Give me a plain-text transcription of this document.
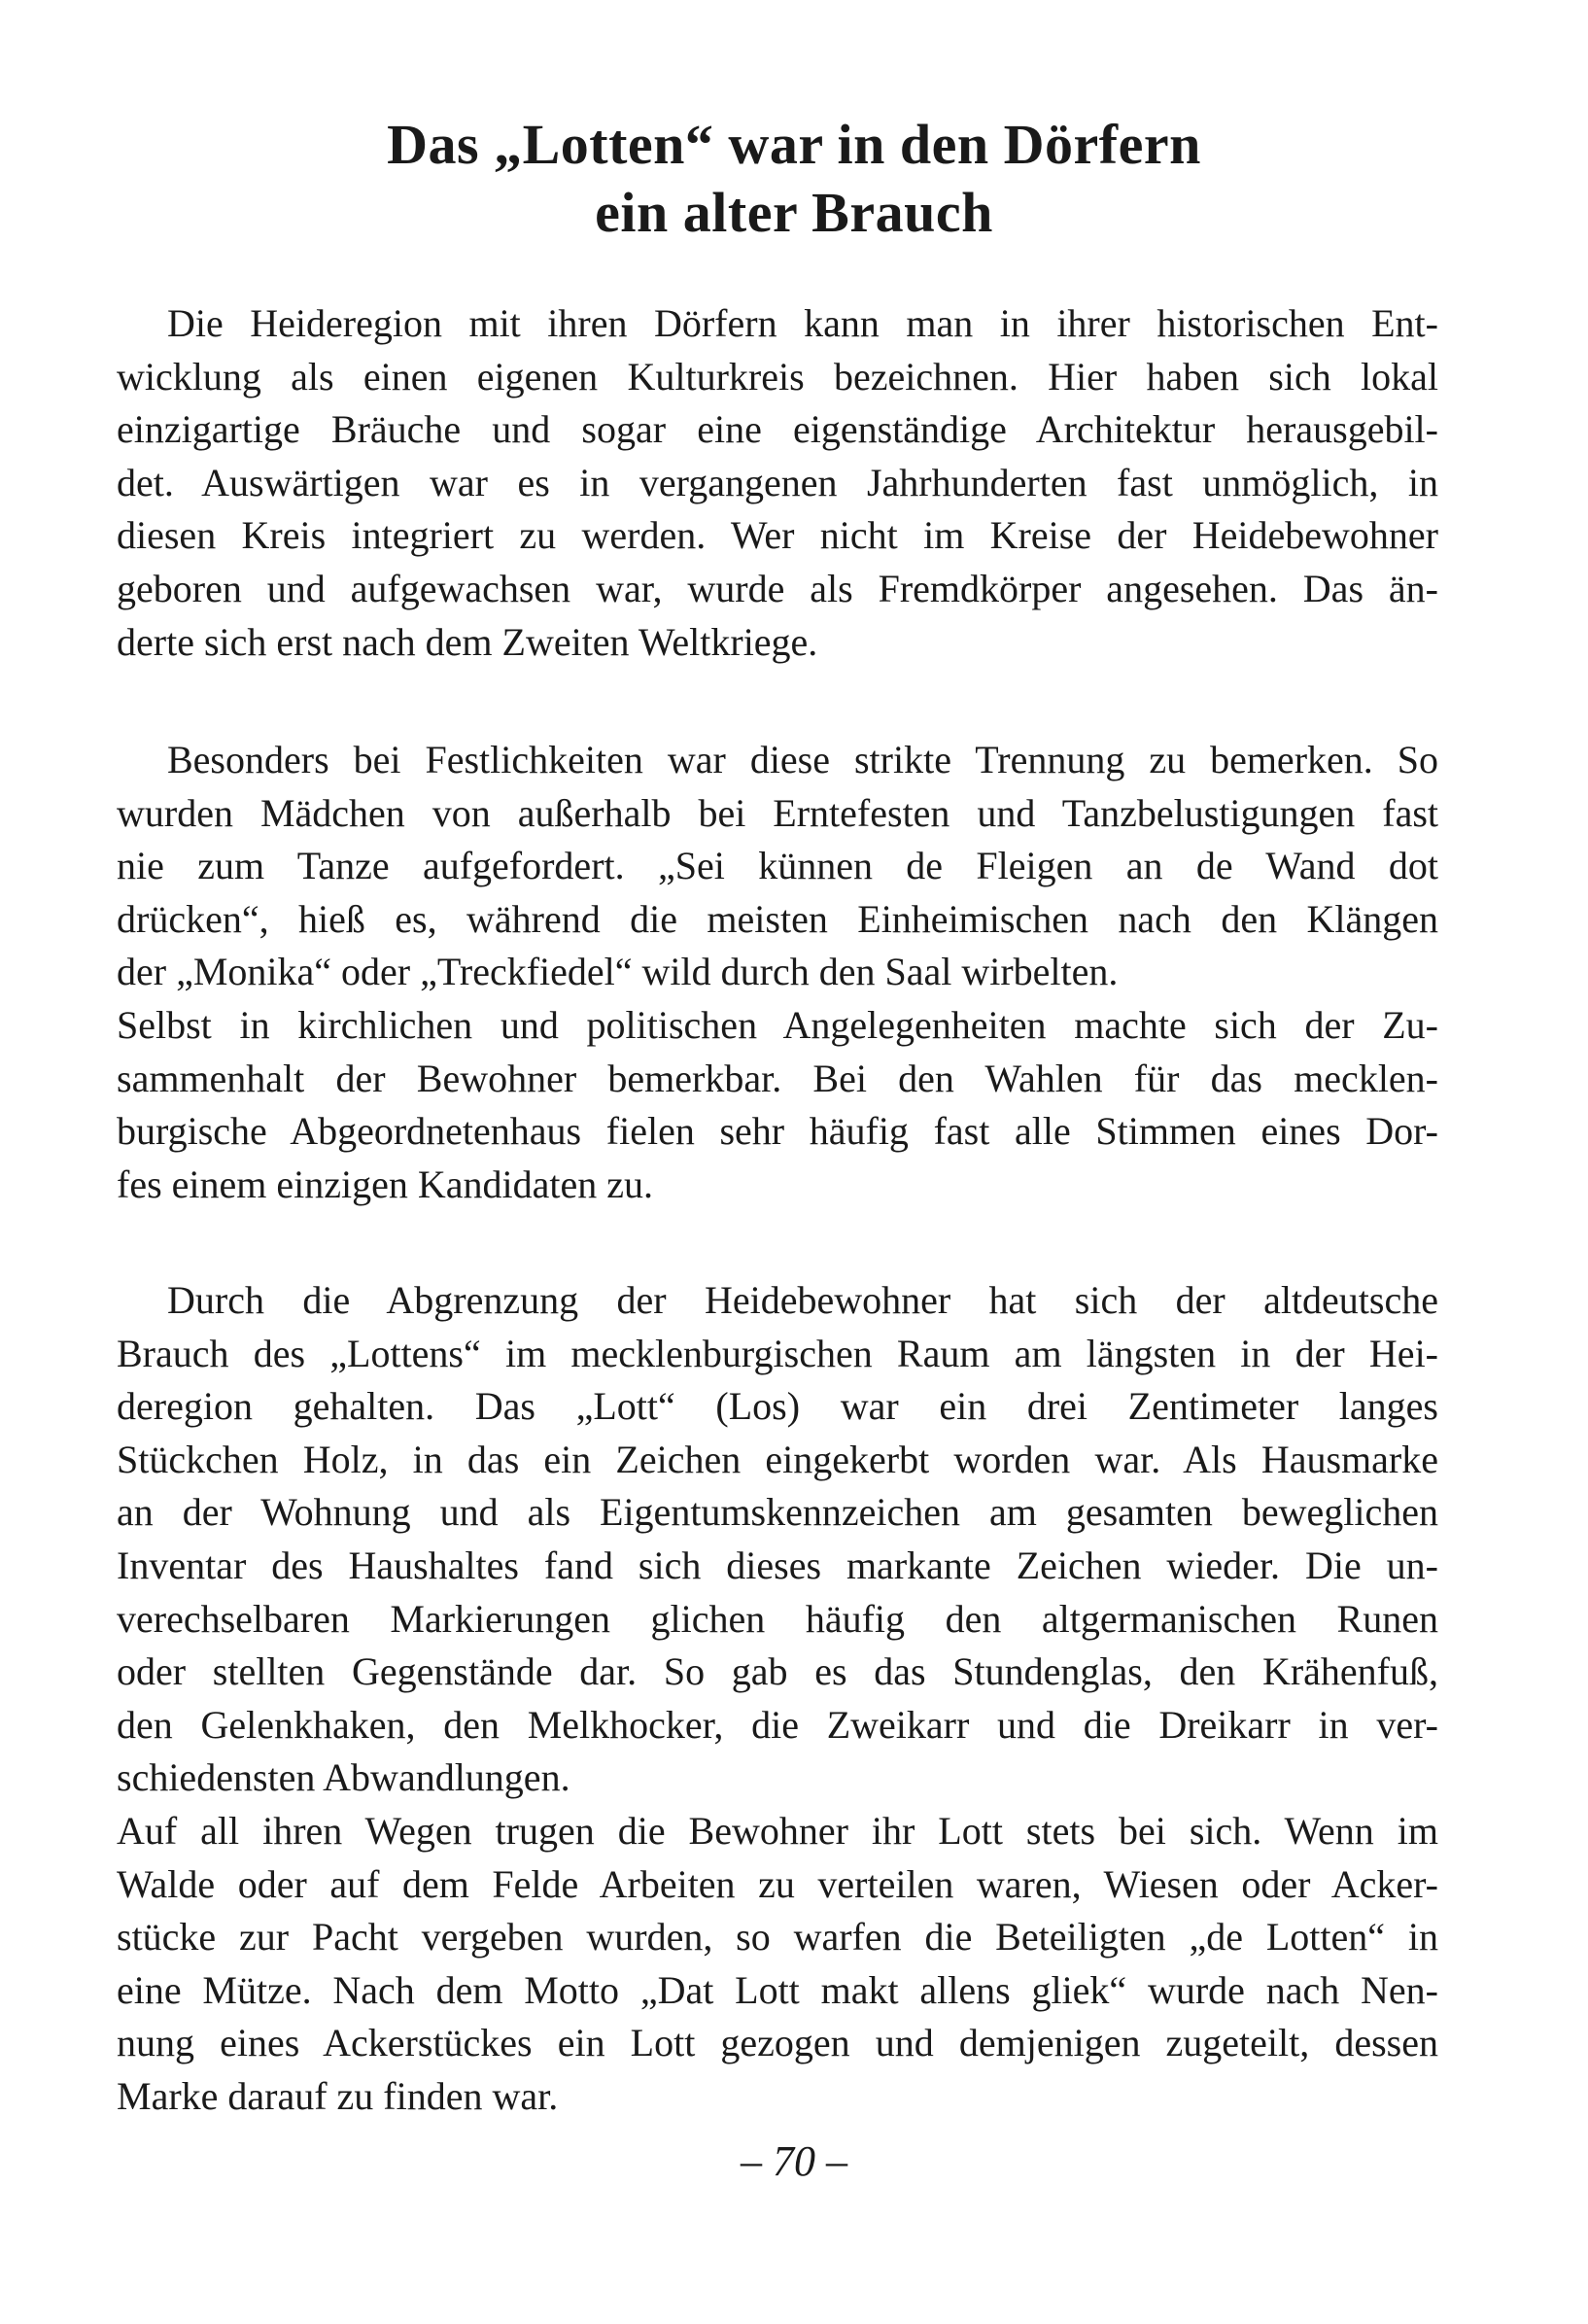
Das „Lotten“ war in den Dörfern
ein alter Brauch

Die Heideregion mit ihren Dörfern kann man in ihrer historischen Ent-
wicklung als einen eigenen Kulturkreis bezeichnen. Hier haben sich lokal
einzigartige Bräuche und sogar eine eigenständige Architektur herausgebil-
det. Auswärtigen war es in vergangenen Jahrhunderten fast unmöglich, in
diesen Kreis integriert zu werden. Wer nicht im Kreise der Heidebewohner
geboren und aufgewachsen war, wurde als Fremdkörper angesehen. Das än-
derte sich erst nach dem Zweiten Weltkriege.

Besonders bei Festlichkeiten war diese strikte Trennung zu bemerken. So
wurden Mädchen von außerhalb bei Erntefesten und Tanzbelustigungen fast
nie zum Tanze aufgefordert. „Sei künnen de Fleigen an de Wand dot
drücken“, hieß es, während die meisten Einheimischen nach den Klängen
der „Monika“ oder „Treckfiedel“ wild durch den Saal wirbelten.
Selbst in kirchlichen und politischen Angelegenheiten machte sich der Zu-
sammenhalt der Bewohner bemerkbar. Bei den Wahlen für das mecklen-
burgische Abgeordnetenhaus fielen sehr häufig fast alle Stimmen eines Dor-
fes einem einzigen Kandidaten zu.

Durch die Abgrenzung der Heidebewohner hat sich der altdeutsche
Brauch des „Lottens“ im mecklenburgischen Raum am längsten in der Hei-
deregion gehalten. Das „Lott“ (Los) war ein drei Zentimeter langes
Stückchen Holz, in das ein Zeichen eingekerbt worden war. Als Hausmarke
an der Wohnung und als Eigentumskennzeichen am gesamten beweglichen
Inventar des Haushaltes fand sich dieses markante Zeichen wieder. Die un-
verechselbaren Markierungen glichen häufig den altgermanischen Runen
oder stellten Gegenstände dar. So gab es das Stundenglas, den Krähenfuß,
den Gelenkhaken, den Melkhocker, die Zweikarr und die Dreikarr in ver-
schiedensten Abwandlungen.
Auf all ihren Wegen trugen die Bewohner ihr Lott stets bei sich. Wenn im
Walde oder auf dem Felde Arbeiten zu verteilen waren, Wiesen oder Acker-
stücke zur Pacht vergeben wurden, so warfen die Beteiligten „de Lotten“ in
eine Mütze. Nach dem Motto „Dat Lott makt allens gliek“ wurde nach Nen-
nung eines Ackerstückes ein Lott gezogen und demjenigen zugeteilt, dessen
Marke darauf zu finden war.

– 70 –
